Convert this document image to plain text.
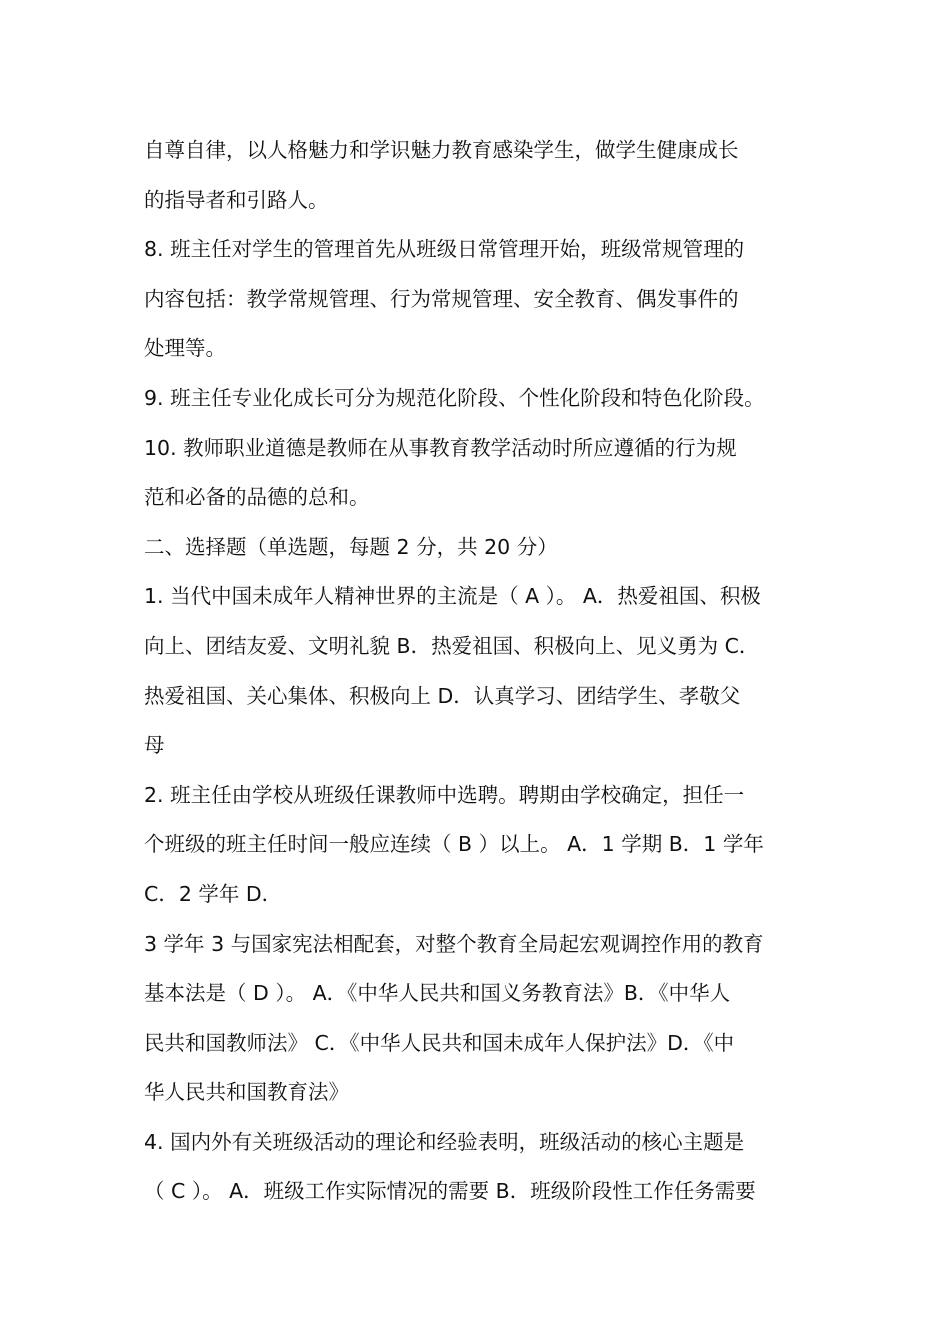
自尊自律，以人格魅力和学识魅力教育感染学生，做学生健康成长
的指导者和引路人。
8. 班主任对学生的管理首先从班级日常管理开始，班级常规管理的
内容包括：教学常规管理、行为常规管理、安全教育、偶发事件的
处理等。
9. 班主任专业化成长可分为规范化阶段、个性化阶段和特色化阶段。
10. 教师职业道德是教师在从事教育教学活动时所应遵循的行为规
范和必备的品德的总和。
二、选择题（单选题，每题 2 分，共 20 分）
1. 当代中国未成年人精神世界的主流是（ A ）。 A．热爱祖国、积极
向上、团结友爱、文明礼貌 B．热爱祖国、积极向上、见义勇为 C．
热爱祖国、关心集体、积极向上 D．认真学习、团结学生、孝敬父
母
2. 班主任由学校从班级任课教师中选聘。聘期由学校确定，担任一
个班级的班主任时间一般应连续（ B ）以上。 A．1 学期 B．1 学年
C．2 学年 D．
3 学年 3 与国家宪法相配套，对整个教育全局起宏观调控作用的教育
基本法是（ D ）。 A．《中华人民共和国义务教育法》B．《中华人
民共和国教师法》 C．《中华人民共和国未成年人保护法》D．《中
华人民共和国教育法》
4. 国内外有关班级活动的理论和经验表明，班级活动的核心主题是
（ C ）。 A．班级工作实际情况的需要 B．班级阶段性工作任务需要
